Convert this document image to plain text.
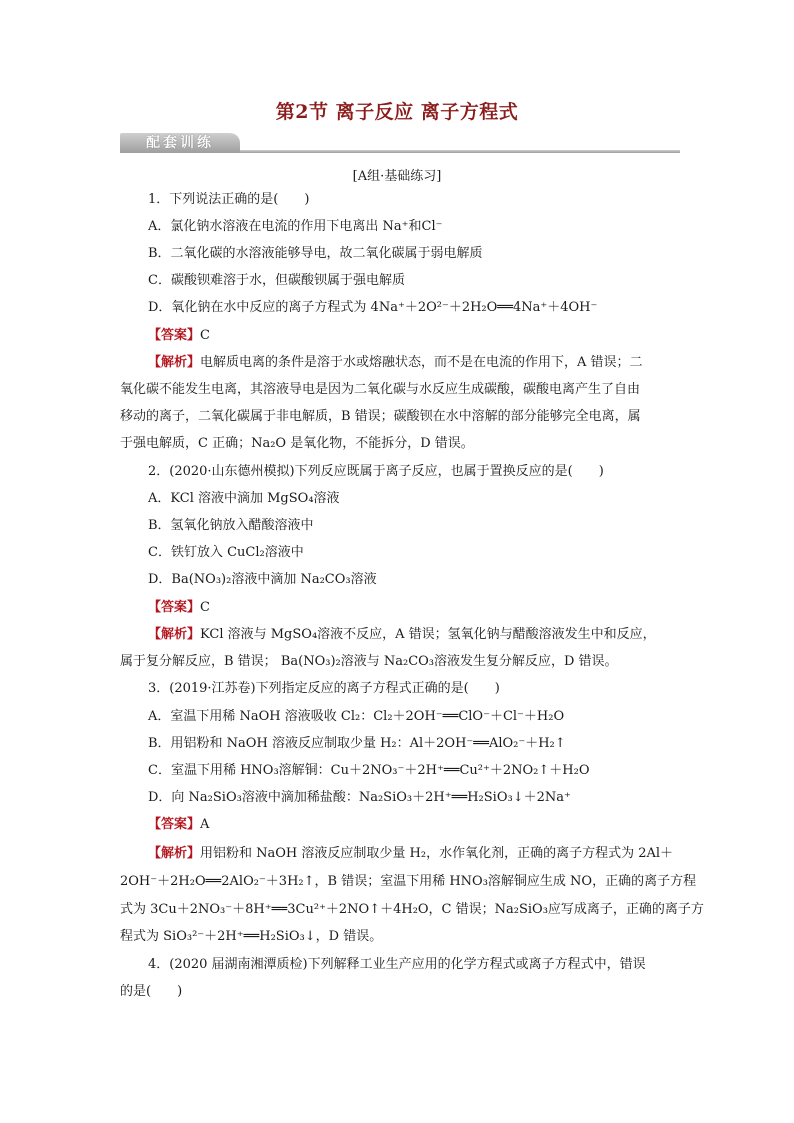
第2节 离子反应 离子方程式
配套训练
[A组·基础练习]
1．下列说法正确的是(　　)
A．氯化钠水溶液在电流的作用下电离出 Na⁺和Cl⁻
B．二氧化碳的水溶液能够导电，故二氧化碳属于弱电解质
C．碳酸钡难溶于水，但碳酸钡属于强电解质
D．氧化钠在水中反应的离子方程式为 4Na⁺＋2O²⁻＋2H₂O══4Na⁺＋4OH⁻
【答案】C
【解析】电解质电离的条件是溶于水或熔融状态，而不是在电流的作用下，A 错误；二
氧化碳不能发生电离，其溶液导电是因为二氧化碳与水反应生成碳酸，碳酸电离产生了自由
移动的离子，二氧化碳属于非电解质，B 错误；碳酸钡在水中溶解的部分能够完全电离，属
于强电解质，C 正确；Na₂O 是氧化物，不能拆分，D 错误。
2．(2020·山东德州模拟)下列反应既属于离子反应，也属于置换反应的是(　　)
A．KCl 溶液中滴加 MgSO₄溶液
B．氢氧化钠放入醋酸溶液中
C．铁钉放入 CuCl₂溶液中
D．Ba(NO₃)₂溶液中滴加 Na₂CO₃溶液
【答案】C
【解析】KCl 溶液与 MgSO₄溶液不反应，A 错误；氢氧化钠与醋酸溶液发生中和反应，
属于复分解反应，B 错误； Ba(NO₃)₂溶液与 Na₂CO₃溶液发生复分解反应，D 错误。
3．(2019·江苏卷)下列指定反应的离子方程式正确的是(　　)
A．室温下用稀 NaOH 溶液吸收 Cl₂：Cl₂＋2OH⁻══ClO⁻＋Cl⁻＋H₂O
B．用铝粉和 NaOH 溶液反应制取少量 H₂：Al＋2OH⁻══AlO₂⁻＋H₂↑
C．室温下用稀 HNO₃溶解铜：Cu＋2NO₃⁻＋2H⁺══Cu²⁺＋2NO₂↑＋H₂O
D．向 Na₂SiO₃溶液中滴加稀盐酸：Na₂SiO₃＋2H⁺══H₂SiO₃↓＋2Na⁺
【答案】A
【解析】用铝粉和 NaOH 溶液反应制取少量 H₂，水作氧化剂，正确的离子方程式为 2Al＋
2OH⁻＋2H₂O══2AlO₂⁻＋3H₂↑，B 错误；室温下用稀 HNO₃溶解铜应生成 NO，正确的离子方程
式为 3Cu＋2NO₃⁻＋8H⁺══3Cu²⁺＋2NO↑＋4H₂O，C 错误；Na₂SiO₃应写成离子，正确的离子方
程式为 SiO₃²⁻＋2H⁺══H₂SiO₃↓，D 错误。
4．(2020 届湖南湘潭质检)下列解释工业生产应用的化学方程式或离子方程式中，错误
的是(　　)
